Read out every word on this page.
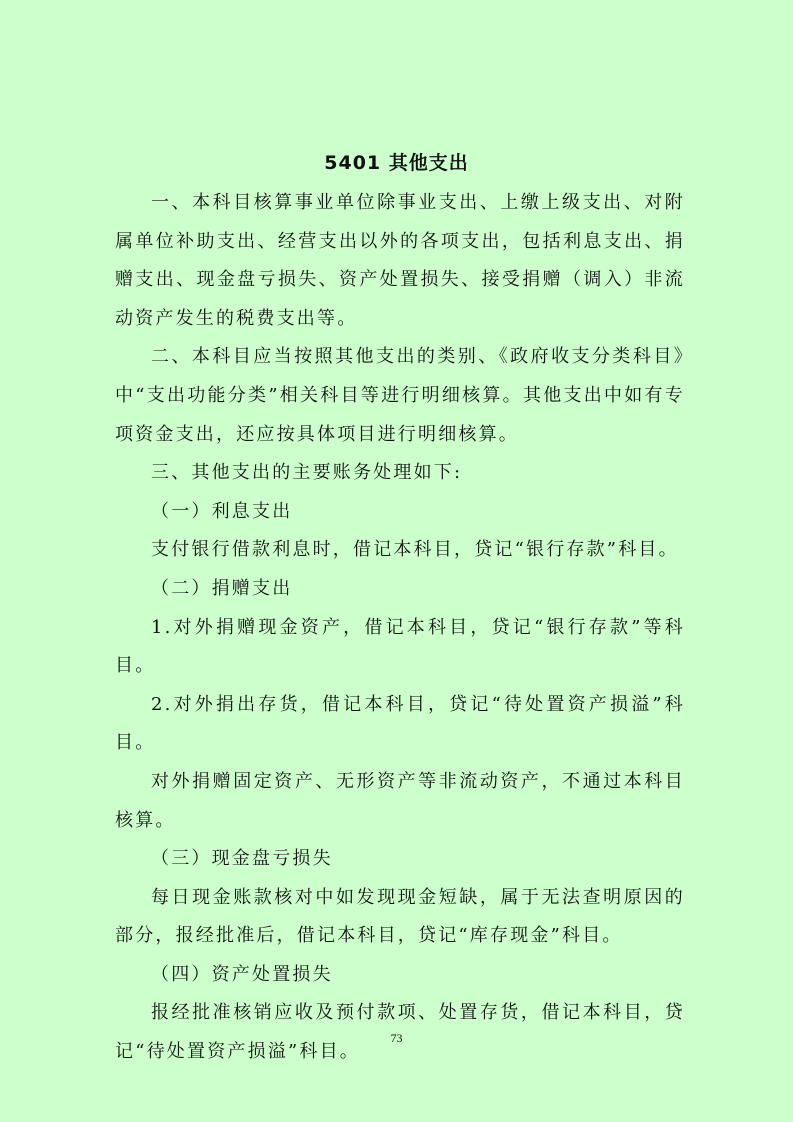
5401 其他支出

一、本科目核算事业单位除事业支出、上缴上级支出、对附属单位补助支出、经营支出以外的各项支出，包括利息支出、捐赠支出、现金盘亏损失、资产处置损失、接受捐赠（调入）非流动资产发生的税费支出等。

二、本科目应当按照其他支出的类别、《政府收支分类科目》中“支出功能分类”相关科目等进行明细核算。其他支出中如有专项资金支出，还应按具体项目进行明细核算。

三、其他支出的主要账务处理如下:

（一）利息支出

支付银行借款利息时，借记本科目，贷记“银行存款”科目。

（二）捐赠支出

1.对外捐赠现金资产，借记本科目，贷记“银行存款”等科目。

2.对外捐出存货，借记本科目，贷记“待处置资产损溢”科目。

对外捐赠固定资产、无形资产等非流动资产，不通过本科目核算。

（三）现金盘亏损失

每日现金账款核对中如发现现金短缺，属于无法查明原因的部分，报经批准后，借记本科目，贷记“库存现金”科目。

（四）资产处置损失

报经批准核销应收及预付款项、处置存货，借记本科目，贷记“待处置资产损溢”科目。

73
